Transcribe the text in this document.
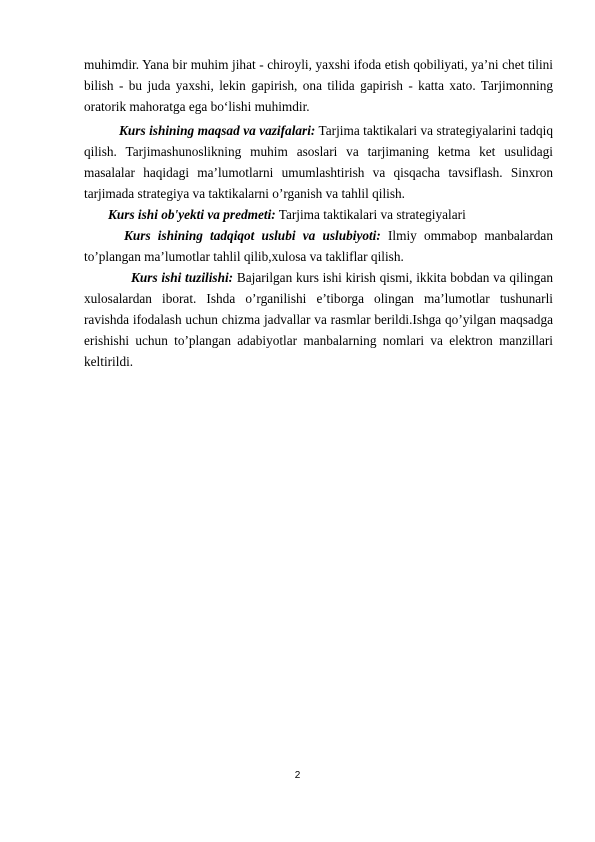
muhimdir. Yana bir muhim jihat - chiroyli, yaxshi ifoda etish qobiliyati, ya’ni chet tilini bilish - bu juda yaxshi, lekin gapirish, ona tilida gapirish - katta xato. Tarjimonning oratorik mahoratga ega bo‘lishi muhimdir.

Kurs ishining maqsad va vazifalari: Tarjima taktikalari va strategiyalarini tadqiq qilish. Tarjimashunoslikning muhim asoslari va tarjimaning ketma ket usulidagi masalalar haqidagi ma’lumotlarni umumlashtirish va qisqacha tavsiflash. Sinxron tarjimada strategiya va taktikalarni o’rganish va tahlil qilish.

Kurs ishi ob'yekti va predmeti: Tarjima taktikalari va strategiyalari

Kurs ishining tadqiqot uslubi va uslubiyoti: Ilmiy ommabop manbalardan to’plangan ma’lumotlar tahlil qilib,xulosa va takliflar qilish.

Kurs ishi tuzilishi: Bajarilgan kurs ishi kirish qismi, ikkita bobdan va qilingan xulosalardan iborat. Ishda o’rganilishi e’tiborga olingan ma’lumotlar tushunarli ravishda ifodalash uchun chizma jadvallar va rasmlar berildi.Ishga qo’yilgan maqsadga erishishi uchun to’plangan adabiyotlar manbalarning nomlari va elektron manzillari keltirildi.

2
